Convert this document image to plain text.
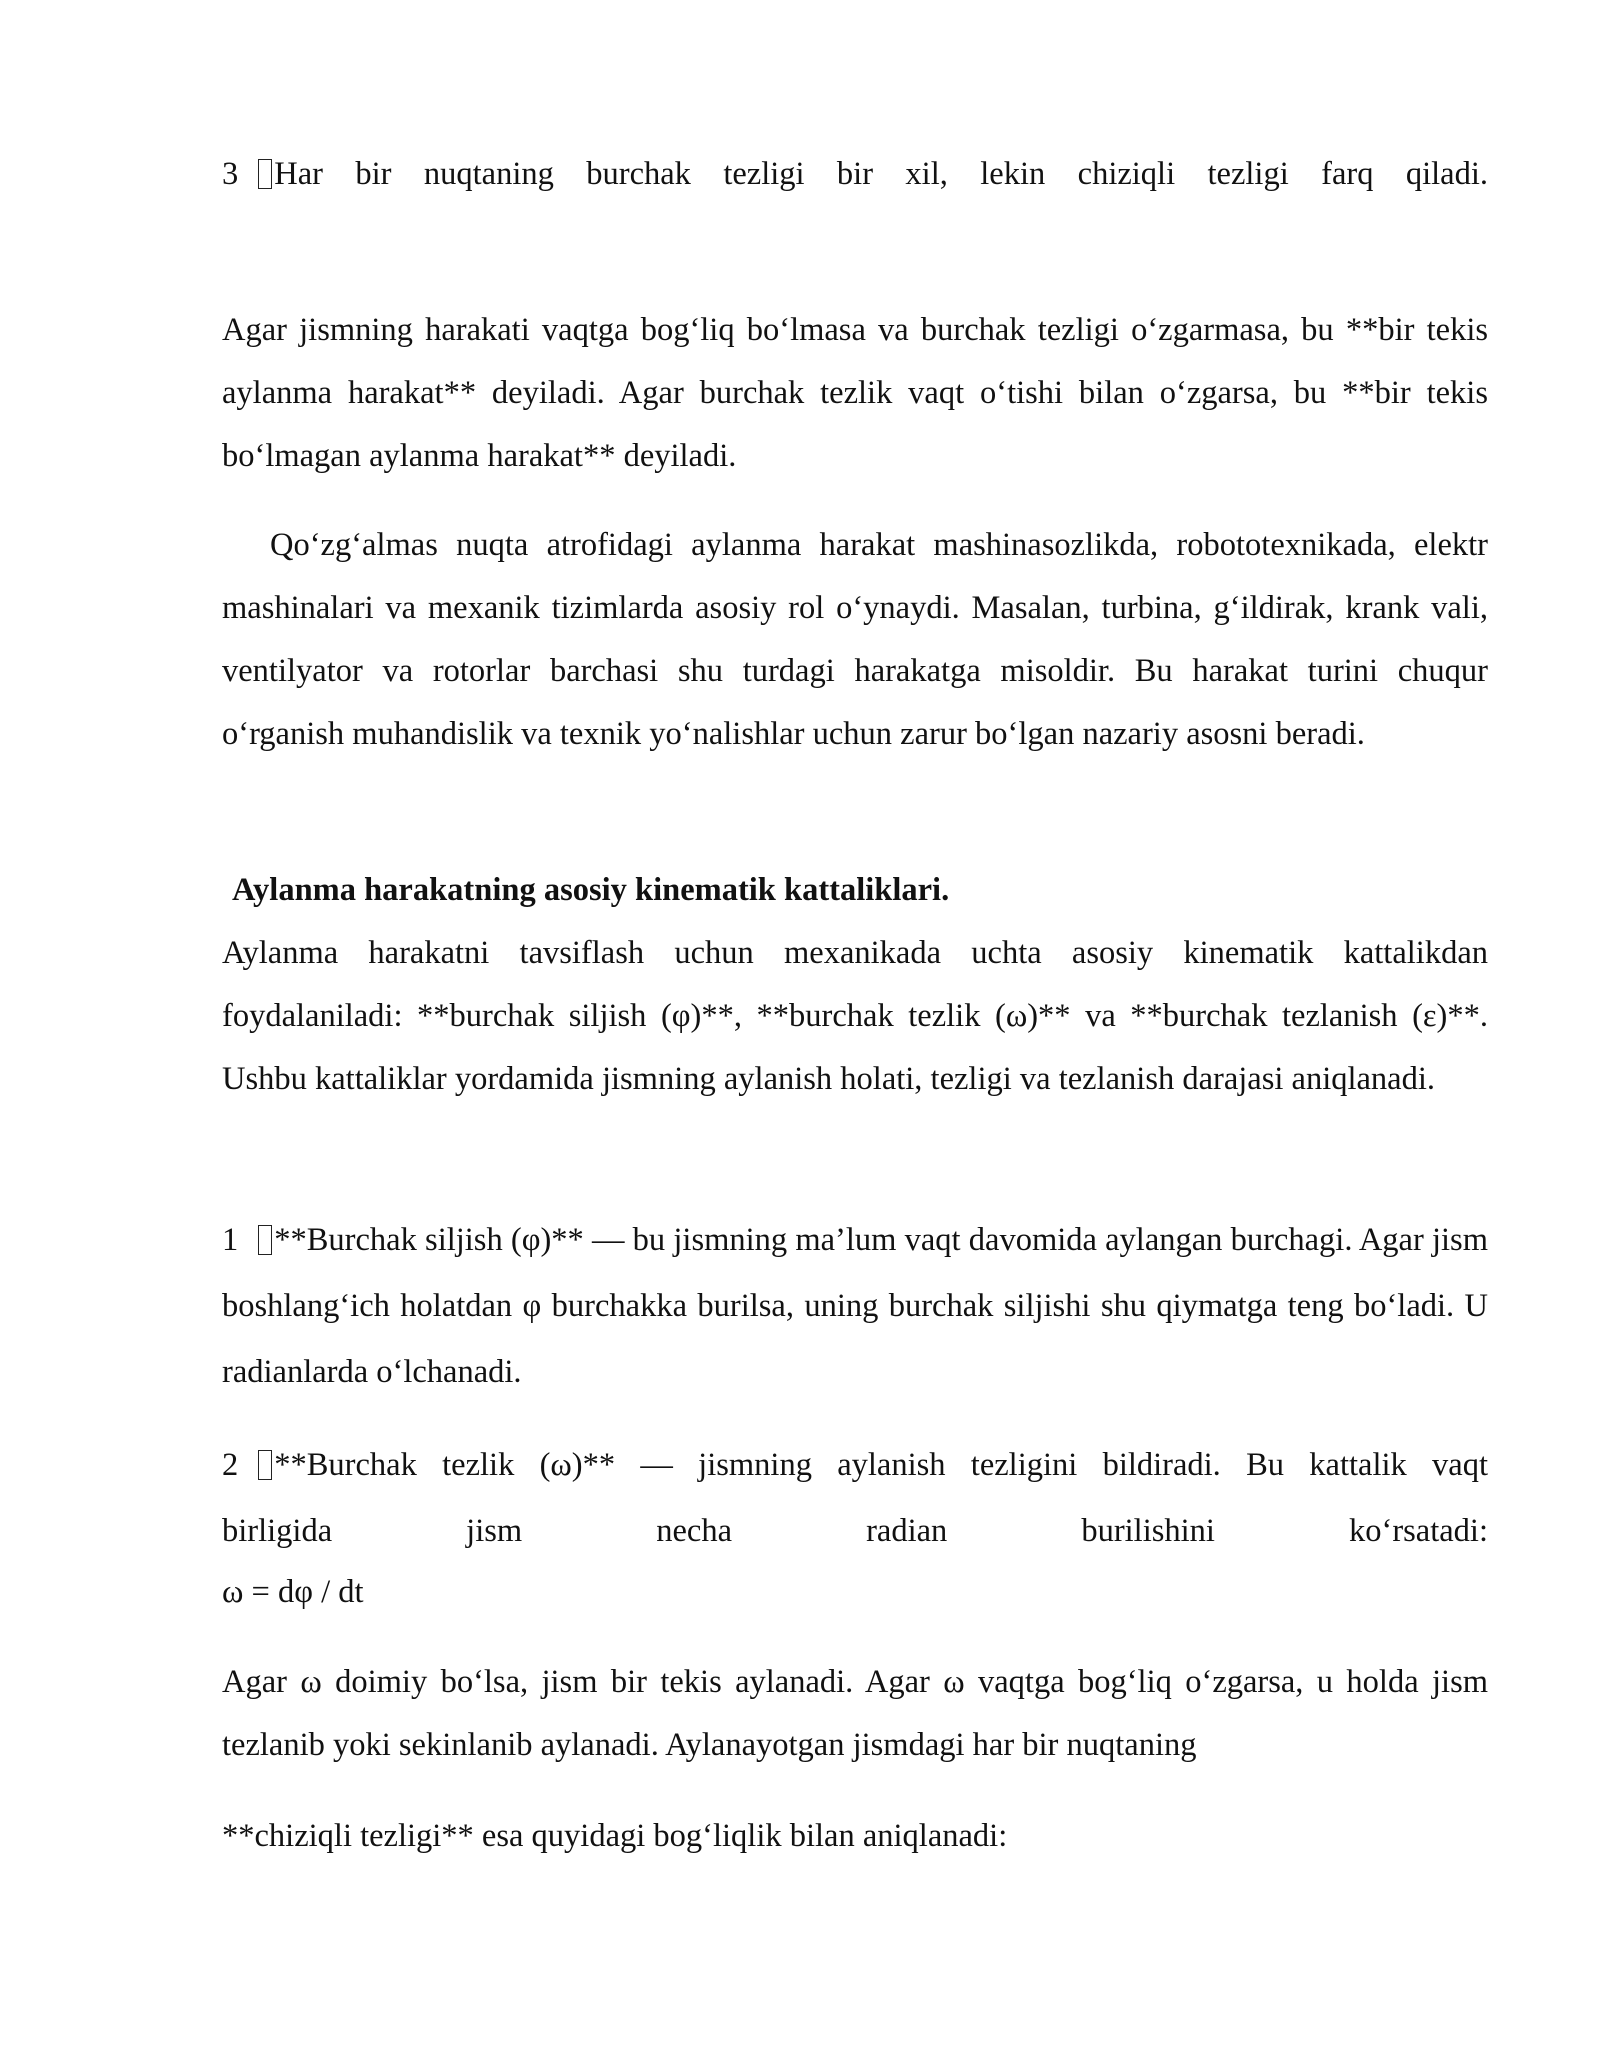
3 Har bir nuqtaning burchak tezligi bir xil, lekin chiziqli tezligi farq qiladi.

Agar jismning harakati vaqtga bog‘liq bo‘lmasa va burchak tezligi o‘zgarmasa, bu **bir tekis aylanma harakat** deyiladi. Agar burchak tezlik vaqt o‘tishi bilan o‘zgarsa, bu **bir tekis bo‘lmagan aylanma harakat** deyiladi.

Qo‘zg‘almas nuqta atrofidagi aylanma harakat mashinasozlikda, robototexnikada, elektr mashinalari va mexanik tizimlarda asosiy rol o‘ynaydi. Masalan, turbina, g‘ildirak, krank vali, ventilyator va rotorlar barchasi shu turdagi harakatga misoldir. Bu harakat turini chuqur o‘rganish muhandislik va texnik yo‘nalishlar uchun zarur bo‘lgan nazariy asosni beradi.

Aylanma harakatning asosiy kinematik kattaliklari.

Aylanma harakatni tavsiflash uchun mexanikada uchta asosiy kinematik kattalikdan foydalaniladi: **burchak siljish (φ)**, **burchak tezlik (ω)** va **burchak tezlanish (ε)**. Ushbu kattaliklar yordamida jismning aylanish holati, tezligi va tezlanish darajasi aniqlanadi.

1 **Burchak siljish (φ)** — bu jismning ma’lum vaqt davomida aylangan burchagi. Agar jism boshlang‘ich holatdan φ burchakka burilsa, uning burchak siljishi shu qiymatga teng bo‘ladi. U radianlarda o‘lchanadi.

2 **Burchak tezlik (ω)** — jismning aylanish tezligini bildiradi. Bu kattalik vaqt
birligida jism necha radian burilishini ko‘rsatadi:
ω = dφ / dt

Agar ω doimiy bo‘lsa, jism bir tekis aylanadi. Agar ω vaqtga bog‘liq o‘zgarsa, u holda jism tezlanib yoki sekinlanib aylanadi. Aylanayotgan jismdagi har bir nuqtaning

**chiziqli tezligi** esa quyidagi bog‘liqlik bilan aniqlanadi:
